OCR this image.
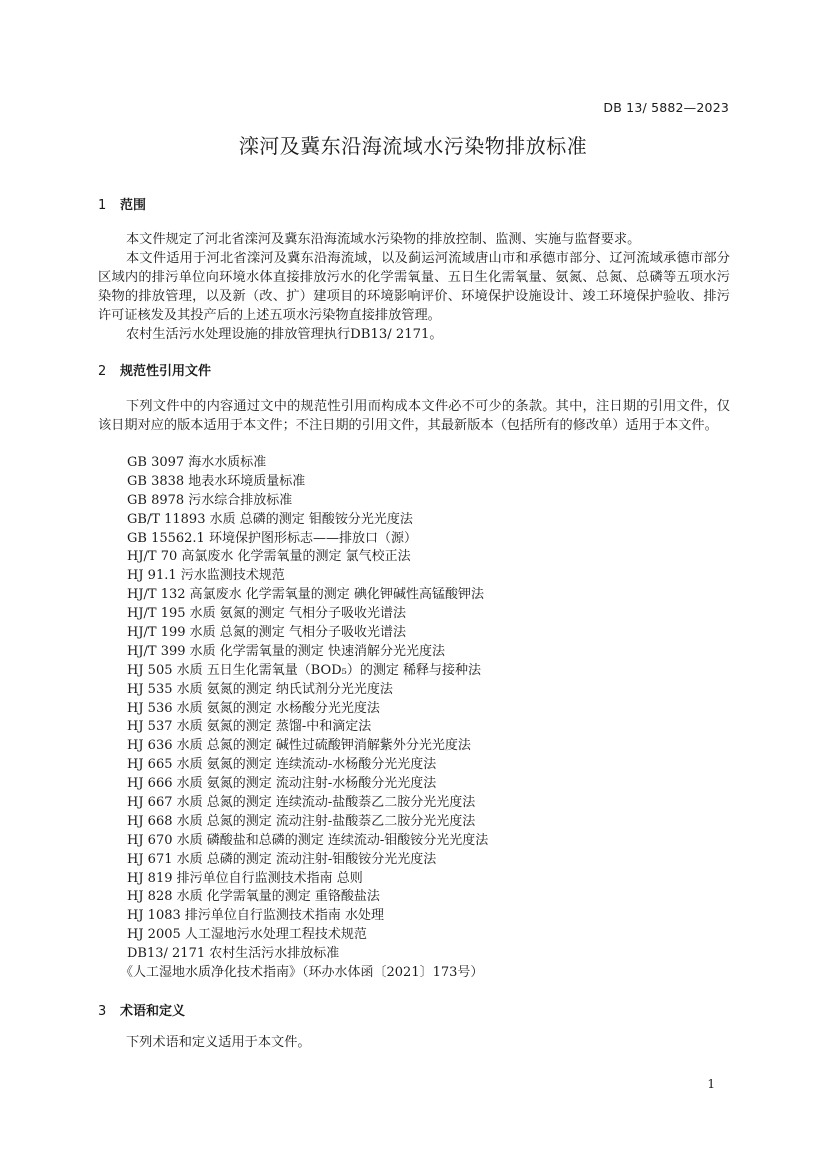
DB 13/ 5882—2023
滦河及冀东沿海流域水污染物排放标准
1 范围

本文件规定了河北省滦河及冀东沿海流域水污染物的排放控制、监测、实施与监督要求。

本文件适用于河北省滦河及冀东沿海流域，以及蓟运河流域唐山市和承德市部分、辽河流域承德市部分区域内的排污单位向环境水体直接排放污水的化学需氧量、五日生化需氧量、氨氮、总氮、总磷等五项水污染物的排放管理，以及新（改、扩）建项目的环境影响评价、环境保护设施设计、竣工环境保护验收、排污许可证核发及其投产后的上述五项水污染物直接排放管理。

农村生活污水处理设施的排放管理执行DB13/ 2171。

2 规范性引用文件

下列文件中的内容通过文中的规范性引用而构成本文件必不可少的条款。其中，注日期的引用文件，仅该日期对应的版本适用于本文件；不注日期的引用文件，其最新版本（包括所有的修改单）适用于本文件。

GB 3097 海水水质标准
GB 3838 地表水环境质量标准
GB 8978 污水综合排放标准
GB/T 11893 水质 总磷的测定 钼酸铵分光光度法
GB 15562.1 环境保护图形标志——排放口（源）
HJ/T 70 高氯废水 化学需氧量的测定 氯气校正法
HJ 91.1 污水监测技术规范
HJ/T 132 高氯废水 化学需氧量的测定 碘化钾碱性高锰酸钾法
HJ/T 195 水质 氨氮的测定 气相分子吸收光谱法
HJ/T 199 水质 总氮的测定 气相分子吸收光谱法
HJ/T 399 水质 化学需氧量的测定 快速消解分光光度法
HJ 505 水质 五日生化需氧量（BOD₅）的测定 稀释与接种法
HJ 535 水质 氨氮的测定 纳氏试剂分光光度法
HJ 536 水质 氨氮的测定 水杨酸分光光度法
HJ 537 水质 氨氮的测定 蒸馏-中和滴定法
HJ 636 水质 总氮的测定 碱性过硫酸钾消解紫外分光光度法
HJ 665 水质 氨氮的测定 连续流动-水杨酸分光光度法
HJ 666 水质 氨氮的测定 流动注射-水杨酸分光光度法
HJ 667 水质 总氮的测定 连续流动-盐酸萘乙二胺分光光度法
HJ 668 水质 总氮的测定 流动注射-盐酸萘乙二胺分光光度法
HJ 670 水质 磷酸盐和总磷的测定 连续流动-钼酸铵分光光度法
HJ 671 水质 总磷的测定 流动注射-钼酸铵分光光度法
HJ 819 排污单位自行监测技术指南 总则
HJ 828 水质 化学需氧量的测定 重铬酸盐法
HJ 1083 排污单位自行监测技术指南 水处理
HJ 2005 人工湿地污水处理工程技术规范
DB13/ 2171 农村生活污水排放标准
《人工湿地水质净化技术指南》（环办水体函〔2021〕173号）
3 术语和定义

下列术语和定义适用于本文件。

1
